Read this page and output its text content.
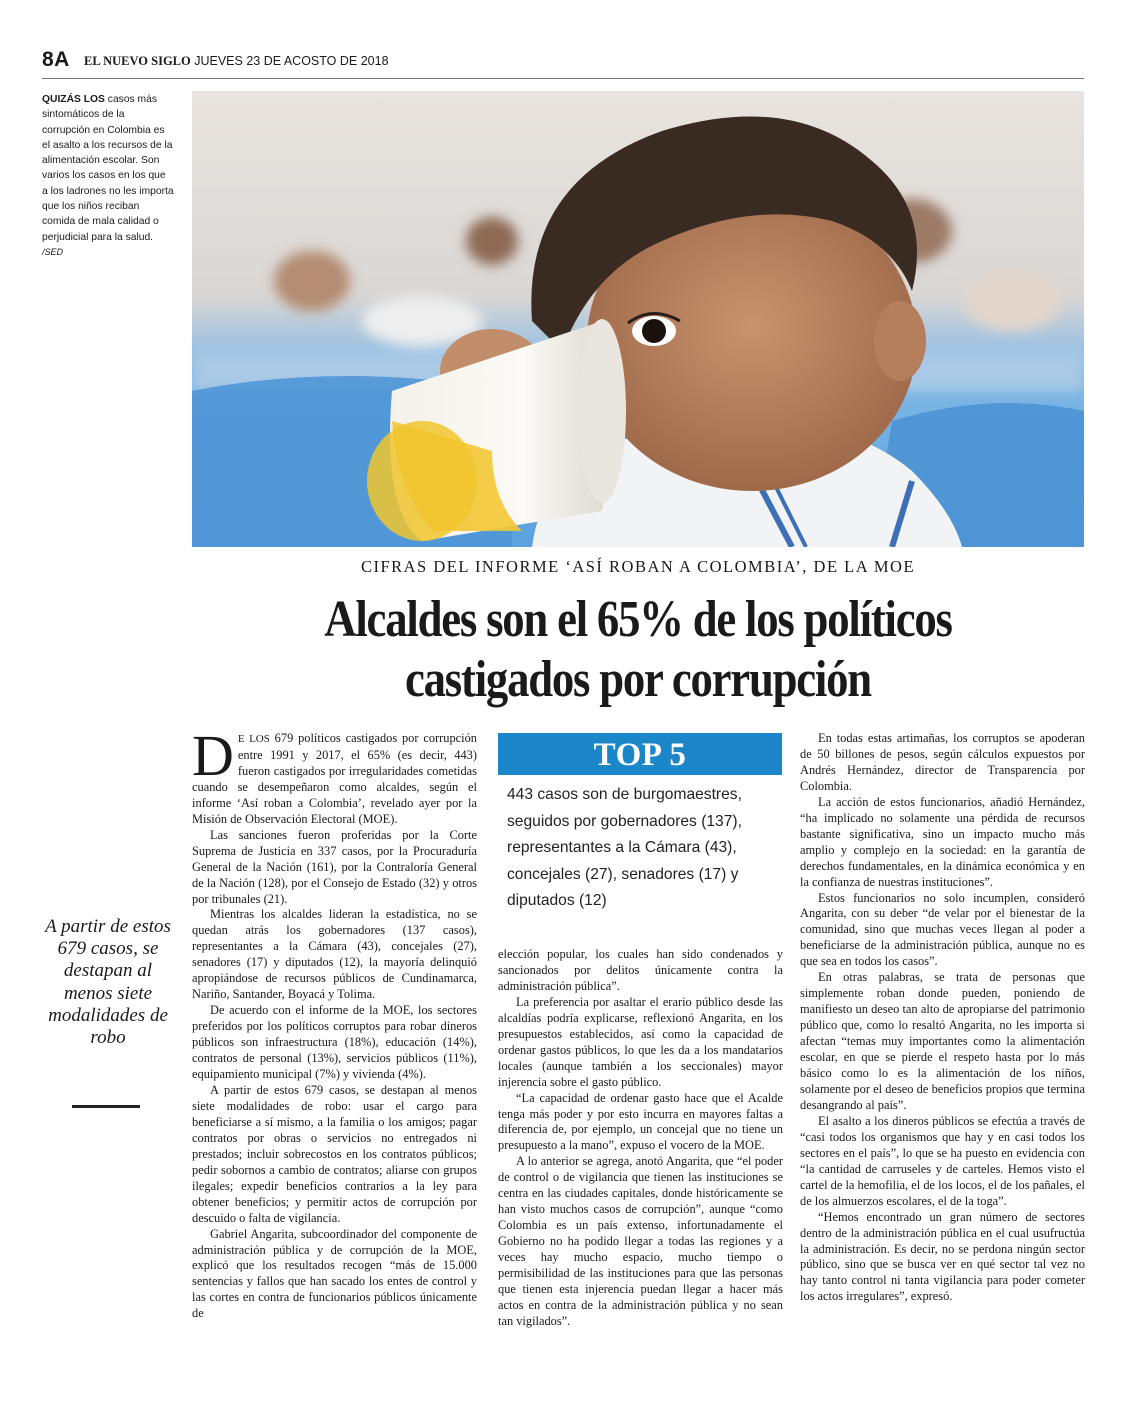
8A EL NUEVO SIGLO JUEVES 23 DE ACOSTO DE 2018
QUIZÁS LOS casos más sintomáticos de la corrupción en Colombia es el asalto a los recursos de la alimentación escolar. Son varios los casos en los que a los ladrones no les importa que los niños reciban comida de mala calidad o perjudicial para la salud. /SED
CIFRAS DEL INFORME ‘ASÍ ROBAN A COLOMBIA’, DE LA MOE
Alcaldes son el 65% de los políticos castigados por corrupción
A partir de estos 679 casos, se destapan al menos siete modalidades de robo

D E LOS 679 políticos castigados por corrupción entre 1991 y 2017, el 65% (es decir, 443) fueron castigados por irregularidades cometidas cuando se desempeñaron como alcaldes, según el informe ‘Así roban a Colombia’, revelado ayer por la Misión de Observación Electoral (MOE).

Las sanciones fueron proferidas por la Corte Suprema de Justicia en 337 casos, por la Procuraduría General de la Nación (161), por la Contraloría General de la Nación (128), por el Consejo de Estado (32) y otros por tribunales (21).

Mientras los alcaldes lideran la estadística, no se quedan atrás los gobernadores (137 casos), representantes a la Cámara (43), concejales (27), senadores (17) y diputados (12), la mayoría delinquió apropiándose de recursos públicos de Cundinamarca, Nariño, Santander, Boyacá y Tolima.

De acuerdo con el informe de la MOE, los sectores preferidos por los políticos corruptos para robar dineros públicos son infraestructura (18%), educación (14%), contratos de personal (13%), servicios públicos (11%), equipamiento municipal (7%) y vivienda (4%).

A partir de estos 679 casos, se destapan al menos siete modalidades de robo: usar el cargo para beneficiarse a sí mismo, a la familia o los amigos; pagar contratos por obras o servicios no entregados ni prestados; incluir sobrecostos en los contratos públicos; pedir sobornos a cambio de contratos; aliarse con grupos ilegales; expedir beneficios contrarios a la ley para obtener beneficios; y permitir actos de corrupción por descuido o falta de vigilancia.

Gabriel Angarita, subcoordinador del componente de administración pública y de corrupción de la MOE, explicó que los resultados recogen “más de 15.000 sentencias y fallos que han sacado los entes de control y las cortes en contra de funcionarios públicos únicamente de

TOP 5
443 casos son de burgomaestres, seguidos por gobernadores (137), representantes a la Cámara (43), concejales (27), senadores (17) y diputados (12)

elección popular, los cuales han sido condenados y sancionados por delitos únicamente contra la administración pública”.

La preferencia por asaltar el erario público desde las alcaldías podría explicarse, reflexionó Angarita, en los presupuestos establecidos, así como la capacidad de ordenar gastos públicos, lo que les da a los mandatarios locales (aunque también a los seccionales) mayor injerencia sobre el gasto público.

“La capacidad de ordenar gasto hace que el Acalde tenga más poder y por esto incurra en mayores faltas a diferencia de, por ejemplo, un concejal que no tiene un presupuesto a la mano”, expuso el vocero de la MOE.

A lo anterior se agrega, anotó Angarita, que “el poder de control o de vigilancia que tienen las instituciones se centra en las ciudades capitales, donde históricamente se han visto muchos casos de corrupción”, aunque “como Colombia es un país extenso, infortunadamente el Gobierno no ha podido llegar a todas las regiones y a veces hay mucho espacio, mucho tiempo o permisibilidad de las instituciones para que las personas que tienen esta injerencia puedan llegar a hacer más actos en contra de la administración pública y no sean tan vigilados”.

En todas estas artimañas, los corruptos se apoderan de 50 billones de pesos, según cálculos expuestos por Andrés Hernández, director de Transparencia por Colombia.

La acción de estos funcionarios, añadió Hernández, “ha implicado no solamente una pérdida de recursos bastante significativa, sino un impacto mucho más amplio y complejo en la sociedad: en la garantía de derechos fundamentales, en la dinámica económica y en la confianza de nuestras instituciones”.

Estos funcionarios no solo incumplen, consideró Angarita, con su deber “de velar por el bienestar de la comunidad, sino que muchas veces llegan al poder a beneficiarse de la administración pública, aunque no es que sea en todos los casos”.

En otras palabras, se trata de personas que simplemente roban donde pueden, poniendo de manifiesto un deseo tan alto de apropiarse del patrimonio público que, como lo resaltó Angarita, no les importa si afectan “temas muy importantes como la alimentación escolar, en que se pierde el respeto hasta por lo más básico como lo es la alimentación de los niños, solamente por el deseo de beneficios propios que termina desangrando al país”.

El asalto a los dineros públicos se efectúa a través de “casi todos los organismos que hay y en casi todos los sectores en el país”, lo que se ha puesto en evidencia con “la cantidad de carruseles y de carteles. Hemos visto el cartel de la hemofilia, el de los locos, el de los pañales, el de los almuerzos escolares, el de la toga”.

“Hemos encontrado un gran número de sectores dentro de la administración pública en el cual usufructúa la administración. Es decir, no se perdona ningún sector público, sino que se busca ver en qué sector tal vez no hay tanto control ni tanta vigilancia para poder cometer los actos irregulares”, expresó.
